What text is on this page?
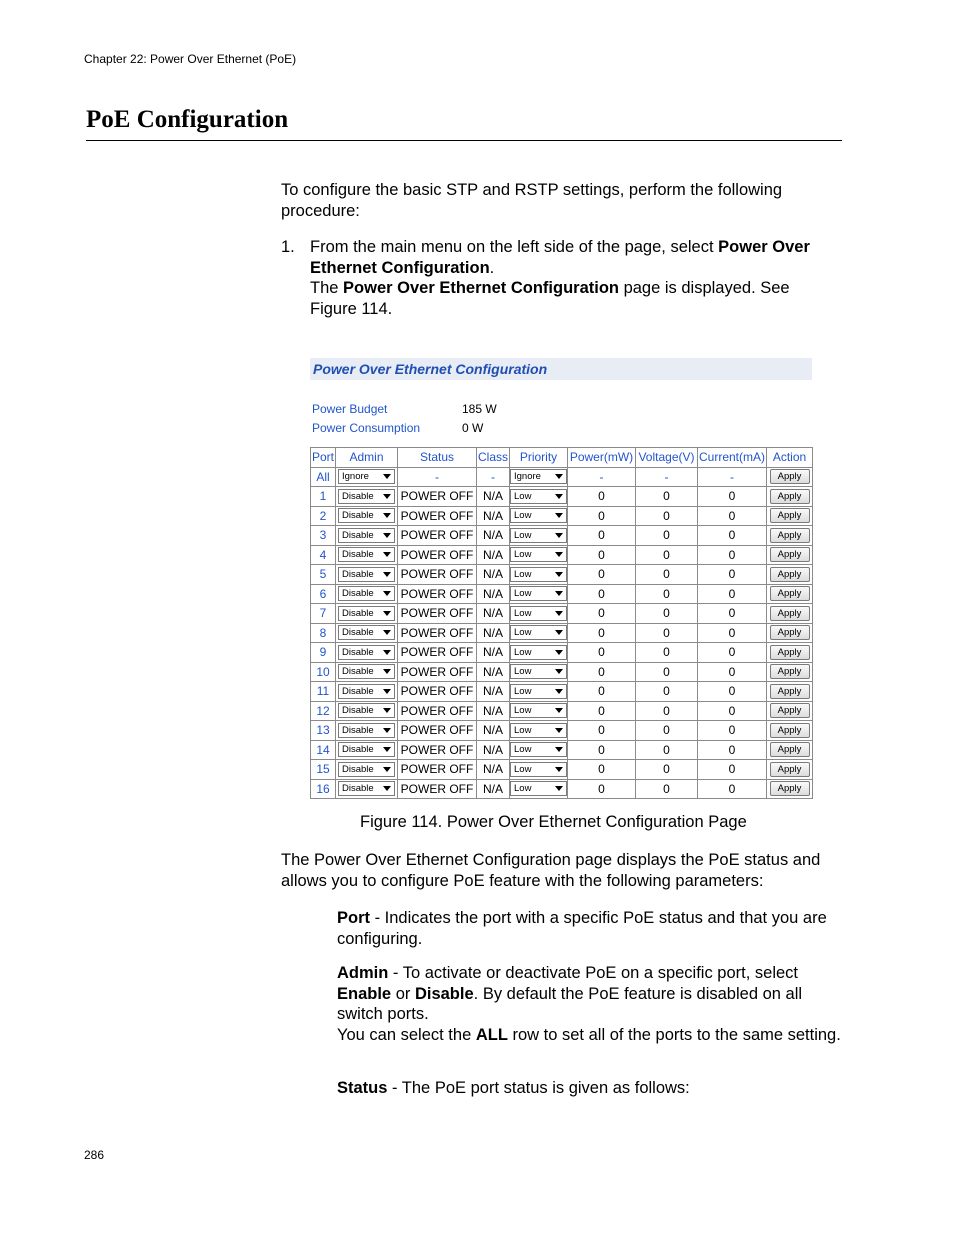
Chapter 22: Power Over Ethernet (PoE)
PoE Configuration

To configure the basic STP and RSTP settings, perform the following procedure:

1. From the main menu on the left side of the page, select Power Over Ethernet Configuration.
The Power Over Ethernet Configuration page is displayed. See Figure 114.
Power Over Ethernet Configuration
Power Budget	185 W
Power Consumption	0 W
Port	Admin	Status	Class	Priority	Power(mW)	Voltage(V)	Current(mA)	Action
All	Ignore	-	-	Ignore	-	-	-	Apply
1	Disable	POWER OFF	N/A	Low	0	0	0	Apply
2	Disable	POWER OFF	N/A	Low	0	0	0	Apply
3	Disable	POWER OFF	N/A	Low	0	0	0	Apply
4	Disable	POWER OFF	N/A	Low	0	0	0	Apply
5	Disable	POWER OFF	N/A	Low	0	0	0	Apply
6	Disable	POWER OFF	N/A	Low	0	0	0	Apply
7	Disable	POWER OFF	N/A	Low	0	0	0	Apply
8	Disable	POWER OFF	N/A	Low	0	0	0	Apply
9	Disable	POWER OFF	N/A	Low	0	0	0	Apply
10	Disable	POWER OFF	N/A	Low	0	0	0	Apply
11	Disable	POWER OFF	N/A	Low	0	0	0	Apply
12	Disable	POWER OFF	N/A	Low	0	0	0	Apply
13	Disable	POWER OFF	N/A	Low	0	0	0	Apply
14	Disable	POWER OFF	N/A	Low	0	0	0	Apply
15	Disable	POWER OFF	N/A	Low	0	0	0	Apply
16	Disable	POWER OFF	N/A	Low	0	0	0	Apply
Figure 114. Power Over Ethernet Configuration Page

The Power Over Ethernet Configuration page displays the PoE status and allows you to configure PoE feature with the following parameters:

Port - Indicates the port with a specific PoE status and that you are configuring.

Admin - To activate or deactivate PoE on a specific port, select Enable or Disable. By default the PoE feature is disabled on all switch ports.
You can select the ALL row to set all of the ports to the same setting.

Status - The PoE port status is given as follows:

286
